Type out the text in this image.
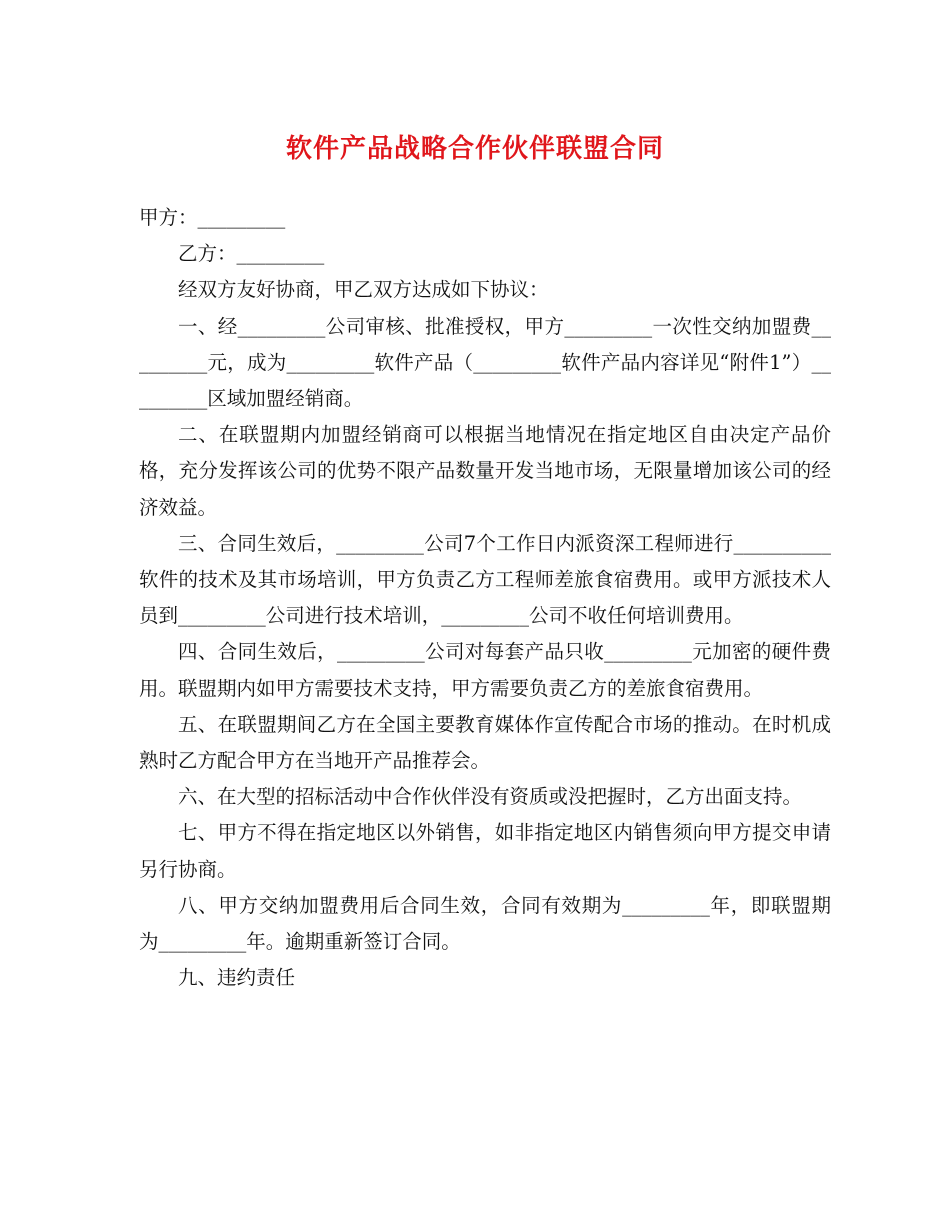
软件产品战略合作伙伴联盟合同

甲方：_________

乙方：_________

经双方友好协商，甲乙双方达成如下协议：

一、经_________公司审核、批准授权，甲方_________一次性交纳加盟费_________元，成为_________软件产品（_________软件产品内容详见“附件1”）_________区域加盟经销商。

二、在联盟期内加盟经销商可以根据当地情况在指定地区自由决定产品价格，充分发挥该公司的优势不限产品数量开发当地市场，无限量增加该公司的经济效益。

三、合同生效后，_________公司7个工作日内派资深工程师进行__________软件的技术及其市场培训，甲方负责乙方工程师差旅食宿费用。或甲方派技术人员到_________公司进行技术培训，_________公司不收任何培训费用。

四、合同生效后，_________公司对每套产品只收_________元加密的硬件费用。联盟期内如甲方需要技术支持，甲方需要负责乙方的差旅食宿费用。

五、在联盟期间乙方在全国主要教育媒体作宣传配合市场的推动。在时机成熟时乙方配合甲方在当地开产品推荐会。

六、在大型的招标活动中合作伙伴没有资质或没把握时，乙方出面支持。

七、甲方不得在指定地区以外销售，如非指定地区内销售须向甲方提交申请另行协商。

八、甲方交纳加盟费用后合同生效，合同有效期为_________年，即联盟期为_________年。逾期重新签订合同。

九、违约责任
